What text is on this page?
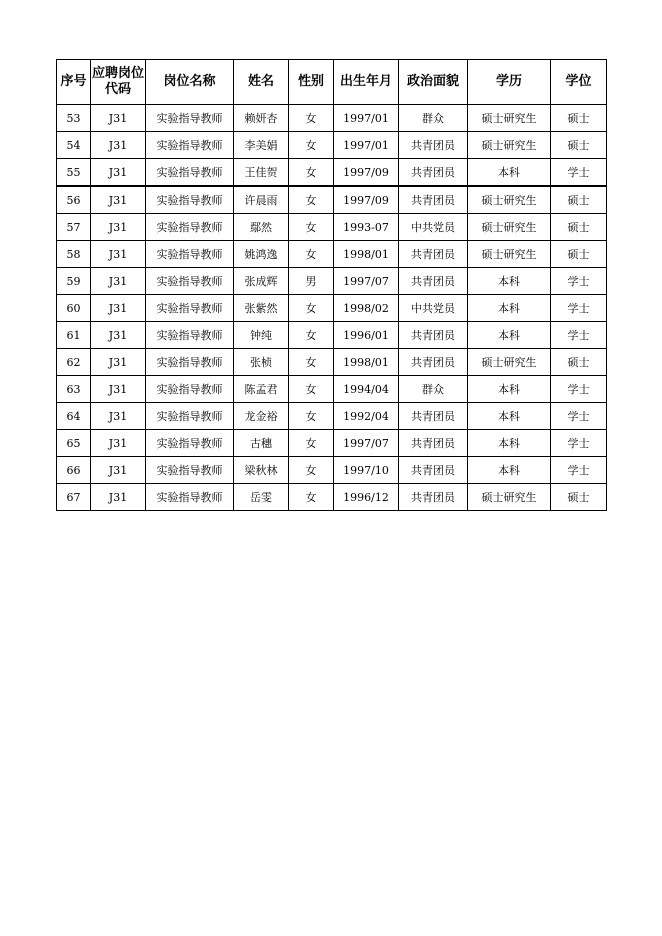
序号	应聘岗位代码	岗位名称	姓名	性别	出生年月	政治面貌	学历	学位
53	J31	实验指导教师	赖妍杏	女	1997/01	群众	硕士研究生	硕士
54	J31	实验指导教师	李美娟	女	1997/01	共青团员	硕士研究生	硕士
55	J31	实验指导教师	王佳贺	女	1997/09	共青团员	本科	学士
56	J31	实验指导教师	许晨雨	女	1997/09	共青团员	硕士研究生	硕士
57	J31	实验指导教师	鄢然	女	1993-07	中共党员	硕士研究生	硕士
58	J31	实验指导教师	姚鸿逸	女	1998/01	共青团员	硕士研究生	硕士
59	J31	实验指导教师	张成辉	男	1997/07	共青团员	本科	学士
60	J31	实验指导教师	张紫然	女	1998/02	中共党员	本科	学士
61	J31	实验指导教师	钟纯	女	1996/01	共青团员	本科	学士
62	J31	实验指导教师	张桢	女	1998/01	共青团员	硕士研究生	硕士
63	J31	实验指导教师	陈孟君	女	1994/04	群众	本科	学士
64	J31	实验指导教师	龙金裕	女	1992/04	共青团员	本科	学士
65	J31	实验指导教师	古穗	女	1997/07	共青团员	本科	学士
66	J31	实验指导教师	梁秋林	女	1997/10	共青团员	本科	学士
67	J31	实验指导教师	岳雯	女	1996/12	共青团员	硕士研究生	硕士
